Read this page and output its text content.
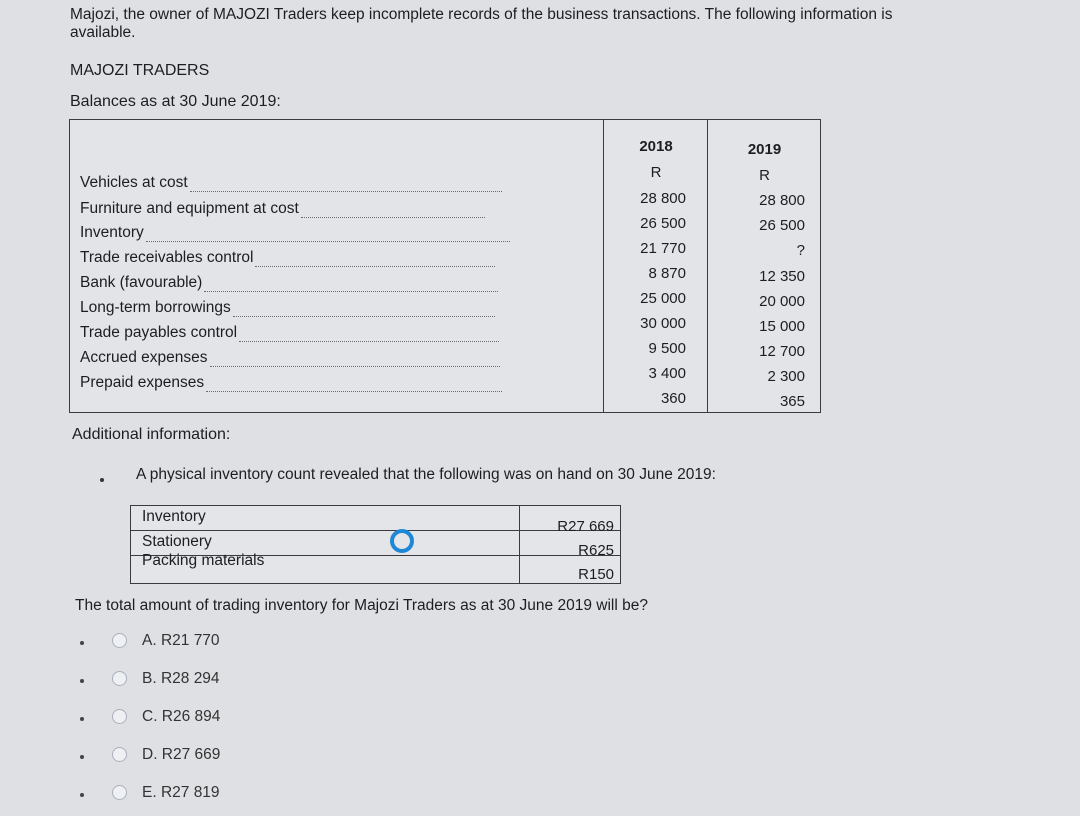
Majozi, the owner of MAJOZI Traders keep incomplete records of the business transactions. The following information is
available.
MAJOZI TRADERS
Balances as at 30 June 2019:
Vehicles at cost
Furniture and equipment at cost
Inventory
Trade receivables control
Bank (favourable)
Long-term borrowings
Trade payables control
Accrued expenses
Prepaid expenses
2018
R
28 800
26 500
21 770
8 870
25 000
30 000
9 500
3 400
360
2019
R
28 800
26 500
?
12 350
20 000
15 000
12 700
2 300
365
Additional information:
A physical inventory count revealed that the following was on hand on 30 June 2019:
Inventory
Stationery
Packing materials
R27 669
R625
R150
The total amount of trading inventory for Majozi Traders as at 30 June 2019 will be?
A. R21 770
B. R28 294
C. R26 894
D. R27 669
E. R27 819
